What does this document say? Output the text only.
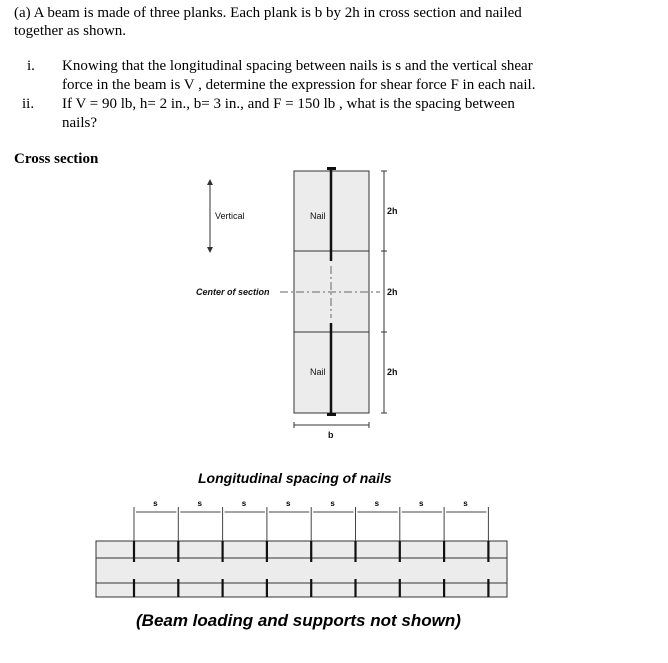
(a) A beam is made of three planks. Each plank is b by 2h in cross section and nailed
together as shown.
i. Knowing that the longitudinal spacing between nails is s and the vertical shear
force in the beam is V , determine the expression for shear force F in each nail.
ii. If V = 90 lb, h= 2 in., b= 3 in., and F = 150 lb , what is the spacing between
nails?
Cross section
Vertical	Nail
Nail
Center of section
2h
2h
2h
b
Longitudinal spacing of nails
s	s	s	s	s	s	s	s
(Beam loading and supports not shown)
